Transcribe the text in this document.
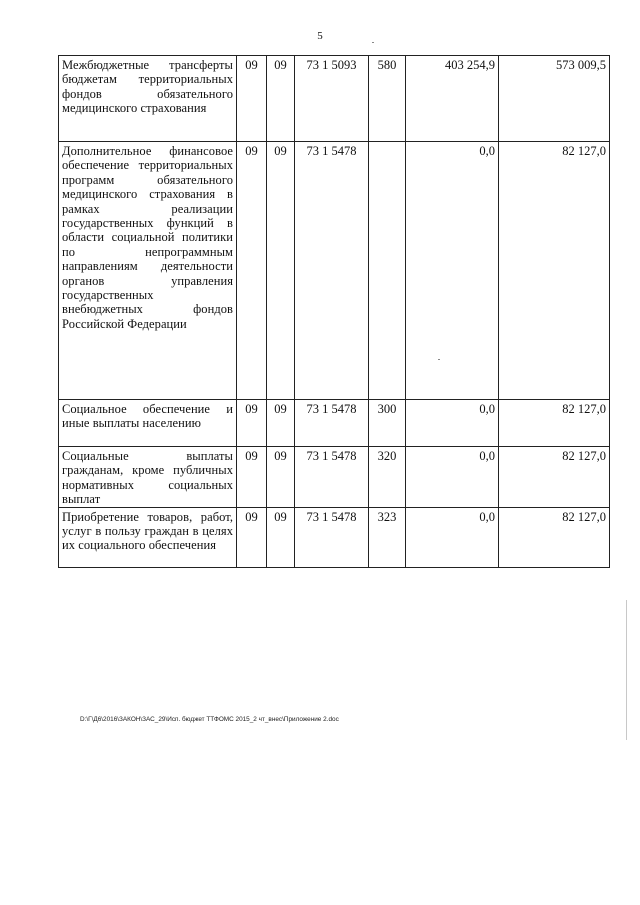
5
Межбюджетные трансферты бюджетам территориальных фондов обязательного медицинского страхования	09	09	73 1 5093	580	403 254,9	573 009,5
Дополнительное финансовое обеспечение территориальных программ обязательного медицинского страхования в рамках реализации государственных функций в области социальной политики по непрограммным направлениям деятельности органов управления государственных внебюджетных фондов Российской Федерации	09	09	73 1 5478		0,0	82 127,0
Социальное обеспечение и иные выплаты населению	09	09	73 1 5478	300	0,0	82 127,0
Социальные выплаты гражданам, кроме публичных нормативных социальных выплат	09	09	73 1 5478	320	0,0	82 127,0
Приобретение товаров, работ, услуг в пользу граждан в целях их социального обеспечения	09	09	73 1 5478	323	0,0	82 127,0
D:\Г\Д6\2016\ЗАКОН\ЗАС_29\Исп. бюджет ТТФОМС 2015_2 чт_внес\Приложение 2.doc
